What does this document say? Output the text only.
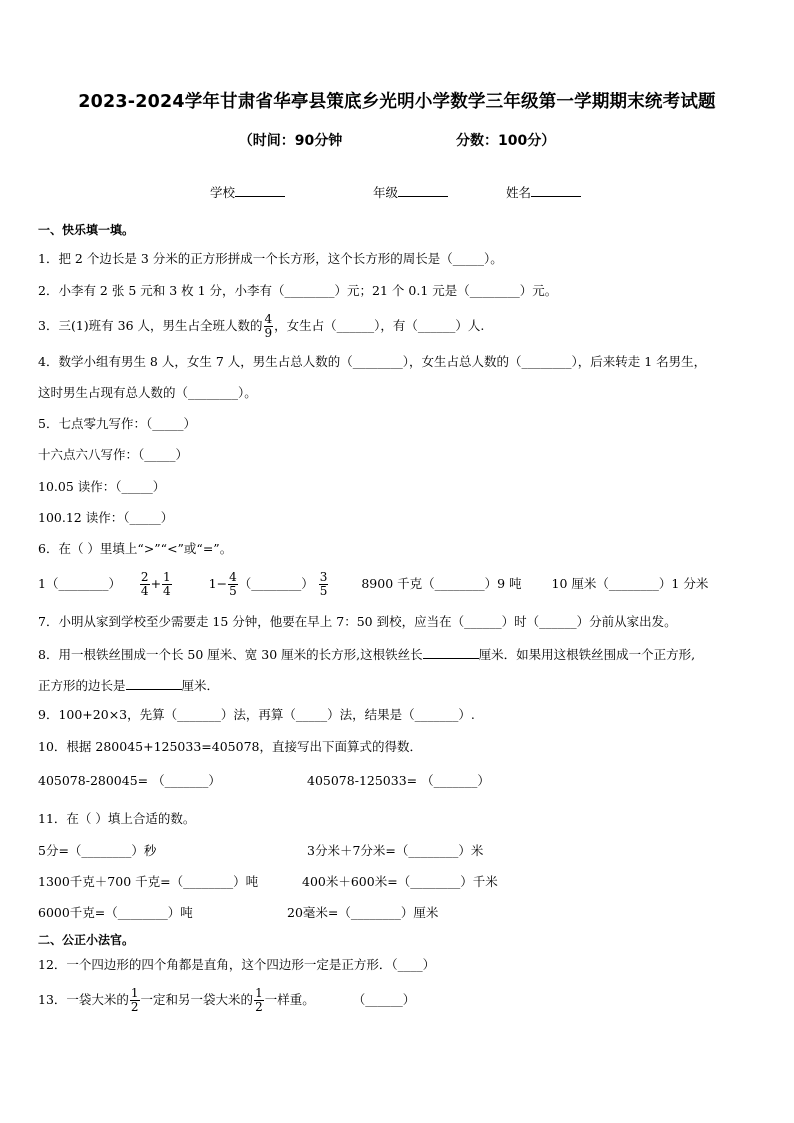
2023-2024学年甘肃省华亭县策底乡光明小学数学三年级第一学期期末统考试题
（时间：90分钟	分数：100分）
学校	年级	姓名
一、快乐填一填。
1．把 2 个边长是 3 分米的正方形拼成一个长方形，这个长方形的周长是（_____）。
2．小李有 2 张 5 元和 3 枚 1 分，小李有（________）元；21 个 0.1 元是（________）元。
3．三(1)班有 36 人，男生占全班人数的 $\frac{4}{9}$ ，女生占（______），有（______）人.
4．数学小组有男生 8 人，女生 7 人，男生占总人数的（________），女生占总人数的（________），后来转走 1 名男生，
这时男生占现有总人数的（________）。
5．七点零九写作：（_____）
十六点六八写作：（_____）
10.05 读作：（_____）
100.12 读作：（_____）
6．在（ ）里填上“>”“<”或“=”。
1（________） $\frac{2}{4} + \frac{1}{4}$	$1- \frac{4}{5}$ （________） $\frac{3}{5}$	8900 千克（________）9 吨 10 厘米（________）1 分米
7．小明从家到学校至少需要走 15 分钟，他要在早上 7：50 到校，应当在（______）时（______）分前从家出发。
8．用一根铁丝围成一个长 50 厘米、宽 30 厘米的长方形,这根铁丝长	厘米．如果用这根铁丝围成一个正方形,
正方形的边长是	厘米．
9．100+20×3，先算（_______）法，再算（_____）法，结果是（_______）.
10．根据 280045+125033=405078，直接写出下面算式的得数．
405078-280045= （_______）	405078-125033= （_______）
11．在（ ）填上合适的数。
5分=（________）秒	3分米＋7分米=（________）米
1300千克＋700 千克=（________）吨	400米＋600米=（________）千米
6000千克=（________）吨	20毫米=（________）厘米
二、公正小法官。
12．一个四边形的四个角都是直角，这个四边形一定是正方形．（____）
13．一袋大米的 $\frac{1}{2}$ 一定和另一袋大米的 $\frac{1}{2}$ 一样重。	（______）
